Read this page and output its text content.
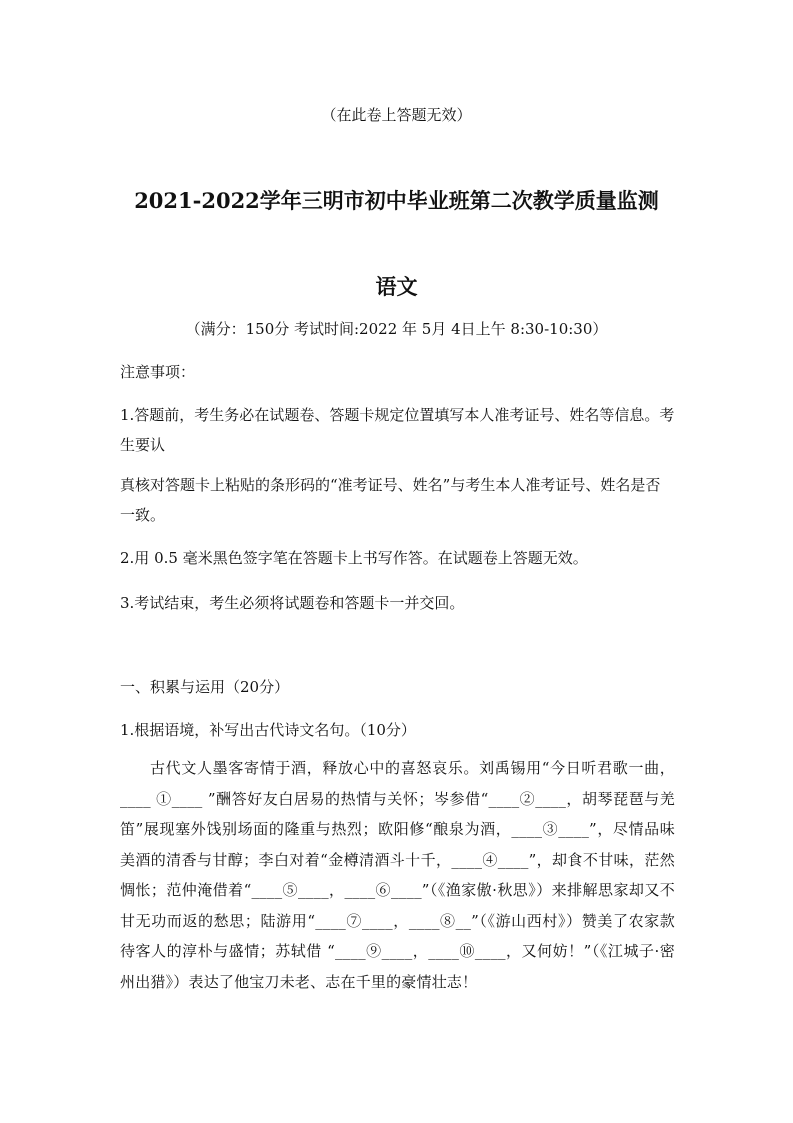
（在此卷上答题无效）
2021-2022学年三明市初中毕业班第二次教学质量监测
语文
（满分：150分 考试时间:2022 年 5月 4日上午 8:30-10:30）
注意事项：
1.答题前，考生务必在试题卷、答题卡规定位置填写本人准考证号、姓名等信息。考生要认
真核对答题卡上粘贴的条形码的“准考证号、姓名”与考生本人准考证号、姓名是否一致。
2.用 0.5 毫米黑色签字笔在答题卡上书写作答。在试题卷上答题无效。
3.考试结束，考生必须将试题卷和答题卡一并交回。
一、积累与运用（20分）
1.根据语境，补写出古代诗文名句。（10分）
古代文人墨客寄情于酒，释放心中的喜怒哀乐。刘禹锡用“今日听君歌一曲，____ ①____ ”酬答好友白居易的热情与关怀；岑参借“____②____，胡琴琵琶与羌笛”展现塞外饯别场面的隆重与热烈；欧阳修“酿泉为酒，____③____”，尽情品味美酒的清香与甘醇；李白对着“金樽清酒斗十千，____④____”，却食不甘味，茫然惆怅；范仲淹借着“____⑤____，____⑥____”（《渔家傲·秋思》）来排解思家却又不甘无功而返的愁思；陆游用“____⑦____，____⑧__”（《游山西村》）赞美了农家款待客人的淳朴与盛情；苏轼借 “____⑨____，____⑩____，又何妨！”（《江城子·密州出猎》）表达了他宝刀未老、志在千里的豪情壮志！
